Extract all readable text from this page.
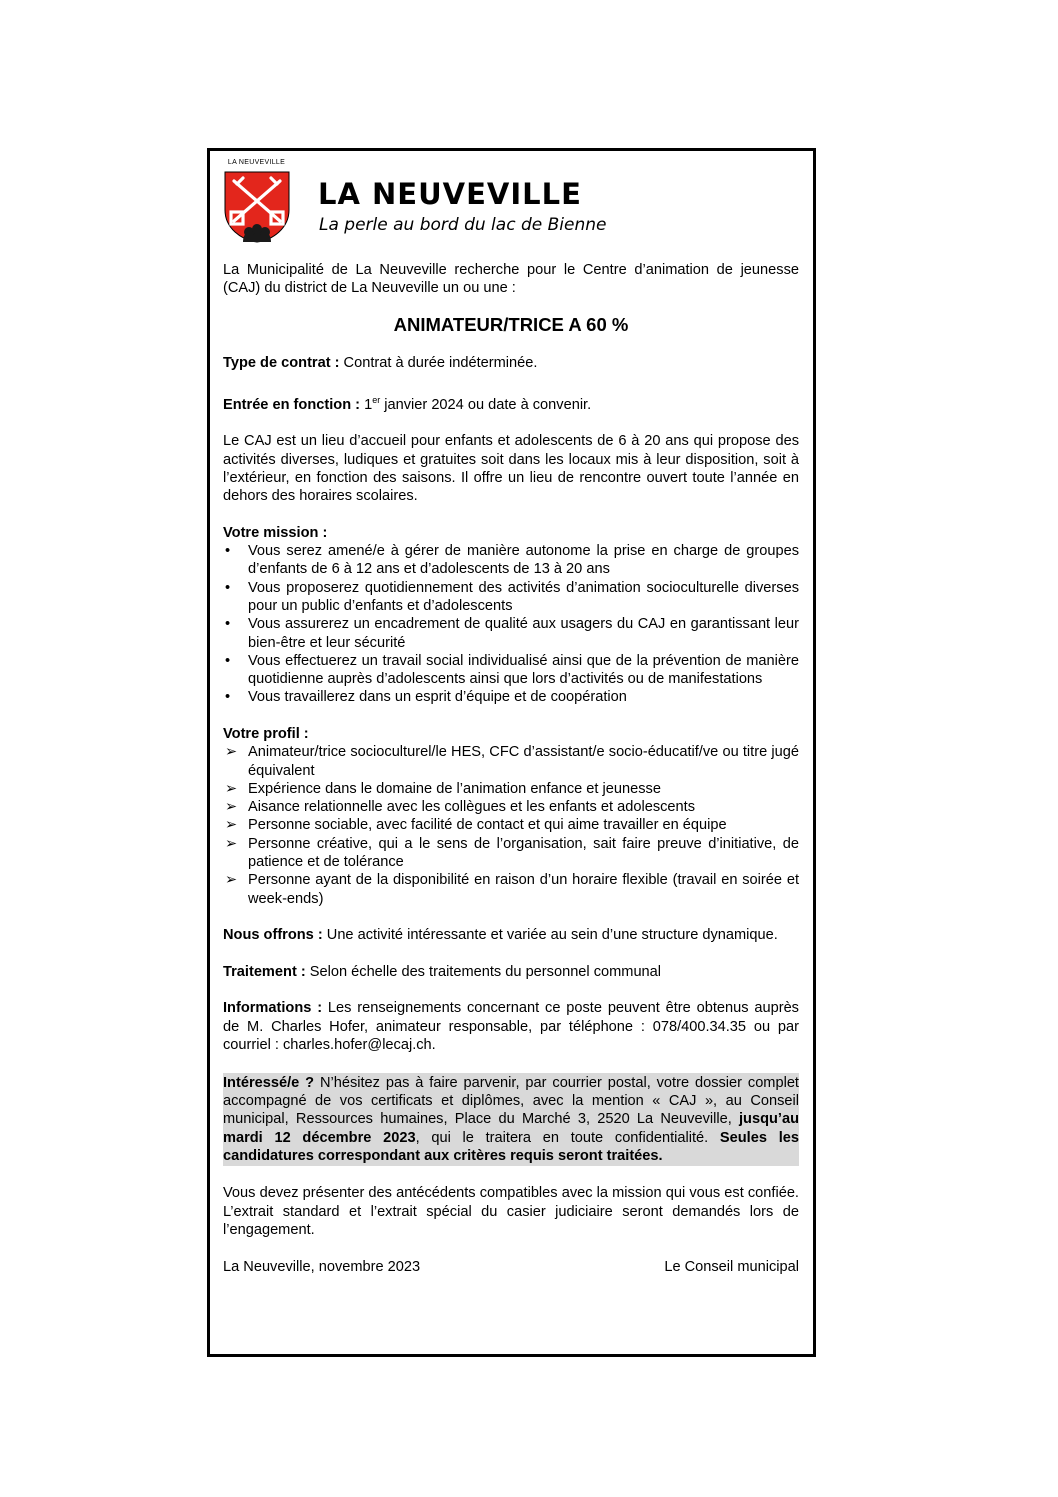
LA NEUVEVILLE
LA NEUVEVILLE
La perle au bord du lac de Bienne

La Municipalité de La Neuveville recherche pour le Centre d’animation de jeunesse (CAJ) du district de La Neuveville un ou une :

ANIMATEUR/TRICE A 60 %

Type de contrat : Contrat à durée indéterminée.

Entrée en fonction : 1er janvier 2024 ou date à convenir.

Le CAJ est un lieu d’accueil pour enfants et adolescents de 6 à 20 ans qui propose des activités diverses, ludiques et gratuites soit dans les locaux mis à leur disposition, soit à l’extérieur, en fonction des saisons. Il offre un lieu de rencontre ouvert toute l’année en dehors des horaires scolaires.

Votre mission :
• Vous serez amené/e à gérer de manière autonome la prise en charge de groupes d’enfants de 6 à 12 ans et d’adolescents de 13 à 20 ans
• Vous proposerez quotidiennement des activités d’animation socioculturelle diverses pour un public d’enfants et d’adolescents
• Vous assurerez un encadrement de qualité aux usagers du CAJ en garantissant leur bien-être et leur sécurité
• Vous effectuerez un travail social individualisé ainsi que de la prévention de manière quotidienne auprès d’adolescents ainsi que lors d’activités ou de manifestations
• Vous travaillerez dans un esprit d’équipe et de coopération
Votre profil :
➢ Animateur/trice socioculturel/le HES, CFC d’assistant/e socio-éducatif/ve ou titre jugé équivalent
➢ Expérience dans le domaine de l’animation enfance et jeunesse
➢ Aisance relationnelle avec les collègues et les enfants et adolescents
➢ Personne sociable, avec facilité de contact et qui aime travailler en équipe
➢ Personne créative, qui a le sens de l’organisation, sait faire preuve d’initiative, de patience et de tolérance
➢ Personne ayant de la disponibilité en raison d’un horaire flexible (travail en soirée et week-ends)

Nous offrons : Une activité intéressante et variée au sein d’une structure dynamique.

Traitement : Selon échelle des traitements du personnel communal

Informations : Les renseignements concernant ce poste peuvent être obtenus auprès de M. Charles Hofer, animateur responsable, par téléphone : 078/400.34.35 ou par courriel : charles.hofer@lecaj.ch.

Intéressé/e ? N’hésitez pas à faire parvenir, par courrier postal, votre dossier complet accompagné de vos certificats et diplômes, avec la mention « CAJ », au Conseil municipal, Ressources humaines, Place du Marché 3, 2520 La Neuveville, jusqu’au mardi 12 décembre 2023, qui le traitera en toute confidentialité. Seules les candidatures correspondant aux critères requis seront traitées.

Vous devez présenter des antécédents compatibles avec la mission qui vous est confiée. L’extrait standard et l’extrait spécial du casier judiciaire seront demandés lors de l’engagement.

La Neuveville, novembre 2023	Le Conseil municipal
